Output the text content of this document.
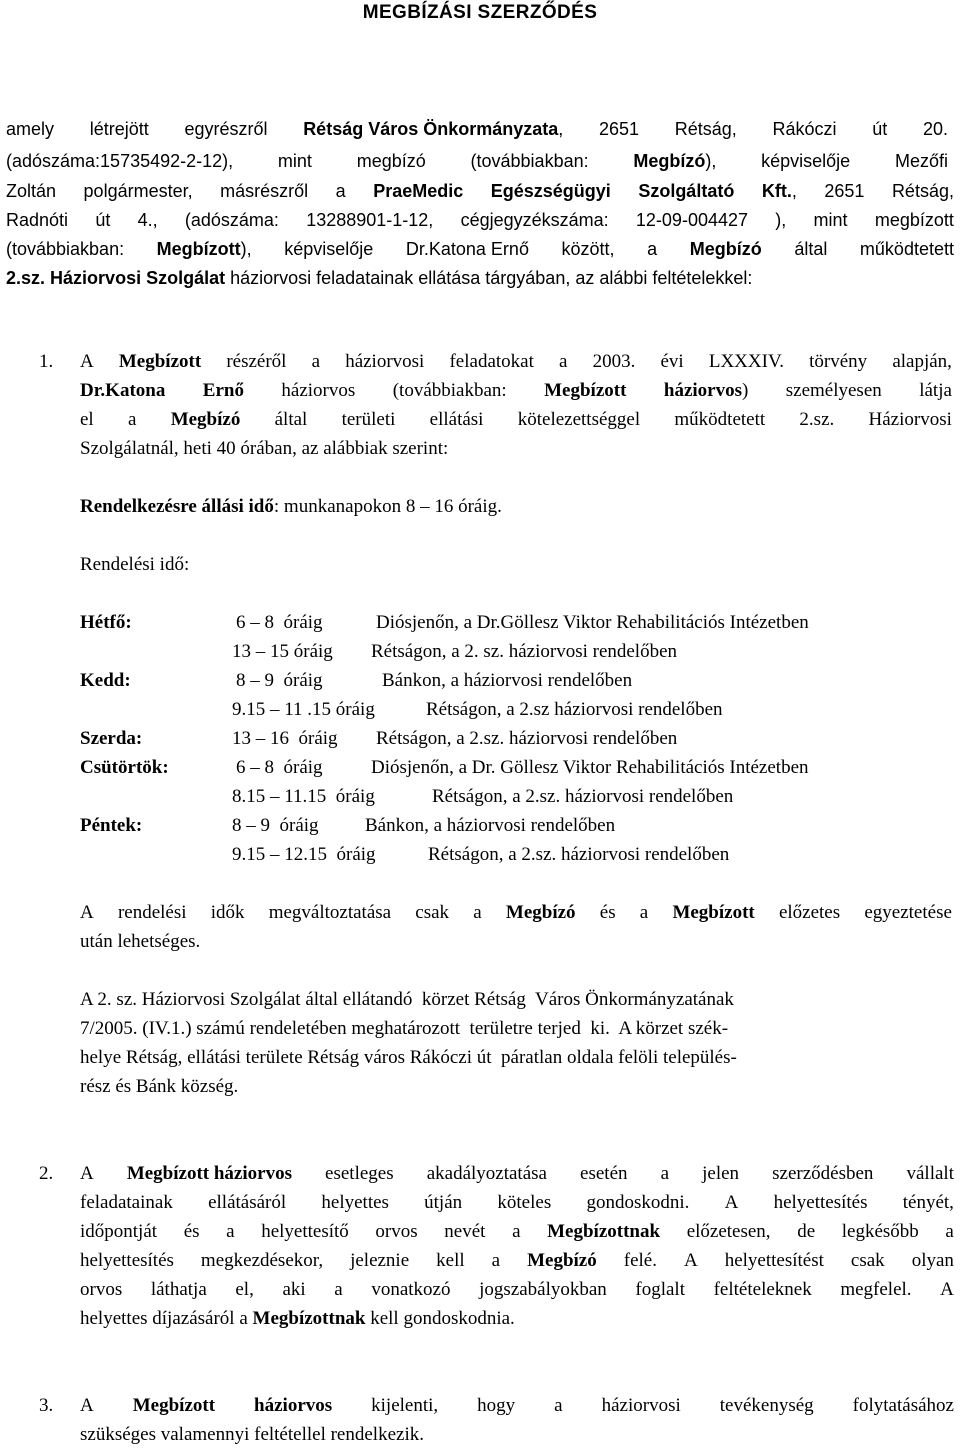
MEGBÍZÁSI SZERZŐDÉS
amely létrejött egyrészről Rétság Város Önkormányzata, 2651 Rétság, Rákóczi út 20.
(adószáma:15735492-2-12), mint megbízó (továbbiakban: Megbízó), képviselője Mezőfi
Zoltán polgármester, másrészről a PraeMedic Egészségügyi Szolgáltató Kft., 2651 Rétság,
Radnóti út 4., (adószáma: 13288901-1-12, cégjegyzékszáma: 12-09-004427 ), mint megbízott
(továbbiakban: Megbízott), képviselője Dr.Katona Ernő között, a Megbízó által működtetett
2.sz. Háziorvosi Szolgálat háziorvosi feladatainak ellátása tárgyában, az alábbi feltételekkel:
1. A Megbízott részéről a háziorvosi feladatokat a 2003. évi LXXXIV. törvény alapján,
Dr.Katona Ernő háziorvos (továbbiakban: Megbízott háziorvos) személyesen látja
el a Megbízó által területi ellátási kötelezettséggel működtetett 2.sz. Háziorvosi
Szolgálatnál, heti 40 órában, az alábbiak szerint:
Rendelkezésre állási idő: munkanapokon 8 – 16 óráig.
Rendelési idő:
Hétfő:	6 – 8  óráig	Diósjenőn, a Dr.Göllesz Viktor Rehabilitációs Intézetben
13 – 15 óráig Rétságon, a 2. sz. háziorvosi rendelőben
Kedd:	8 – 9  óráig	Bánkon, a háziorvosi rendelőben
9.15 – 11 .15 óráig	Rétságon, a 2.sz háziorvosi rendelőben
Szerda:	13 – 16  óráig Rétságon, a 2.sz. háziorvosi rendelőben
Csütörtök:	6 – 8  óráig	Diósjenőn, a Dr. Göllesz Viktor Rehabilitációs Intézetben
8.15 – 11.15  óráig	Rétságon, a 2.sz. háziorvosi rendelőben
Péntek:	8 – 9  óráig Bánkon, a háziorvosi rendelőben
9.15 – 12.15  óráig	Rétságon, a 2.sz. háziorvosi rendelőben
A rendelési idők megváltoztatása csak a Megbízó és a Megbízott előzetes egyeztetése
után lehetséges.
A 2. sz. Háziorvosi Szolgálat által ellátandó  körzet Rétság  Város Önkormányzatának
7/2005. (IV.1.) számú rendeletében meghatározott  területre terjed  ki.  A körzet szék-
helye Rétság, ellátási területe Rétság város Rákóczi út  páratlan oldala felöli település-
rész és Bánk község.
2. A Megbízott háziorvos esetleges akadályoztatása esetén a jelen szerződésben vállalt
feladatainak ellátásáról helyettes útján köteles gondoskodni. A helyettesítés tényét,
időpontját és a helyettesítő orvos nevét a Megbízottnak előzetesen, de legkésőbb a
helyettesítés megkezdésekor, jeleznie kell a Megbízó felé. A helyettesítést csak olyan
orvos láthatja el, aki a vonatkozó jogszabályokban foglalt feltételeknek megfelel. A
helyettes díjazásáról a Megbízottnak kell gondoskodnia.
3. A Megbízott háziorvos kijelenti, hogy a háziorvosi tevékenység folytatásához
szükséges valamennyi feltétellel rendelkezik.
